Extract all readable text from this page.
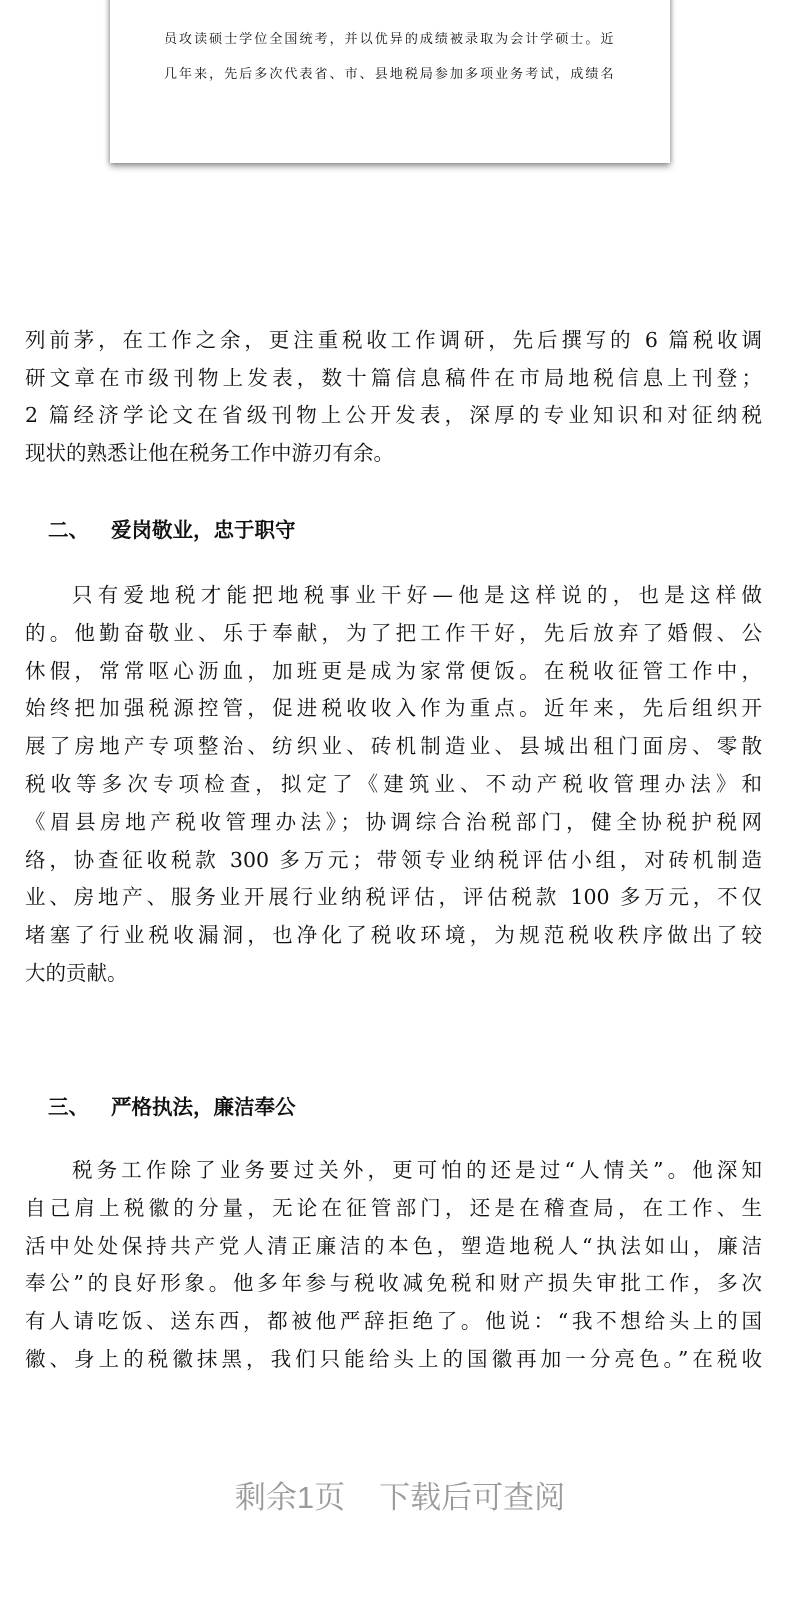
员攻读硕士学位全国统考，并以优异的成绩被录取为会计学硕士。近
几年来，先后多次代表省、市、县地税局参加多项业务考试，成绩名
列前茅，在工作之余，更注重税收工作调研，先后撰写的 6 篇税收调
研文章在市级刊物上发表，数十篇信息稿件在市局地税信息上刊登；
2 篇经济学论文在省级刊物上公开发表，深厚的专业知识和对征纳税
现状的熟悉让他在税务工作中游刃有余。
二、 爱岗敬业，忠于职守
只有爱地税才能把地税事业干好—他是这样说的，也是这样做
的。他勤奋敬业、乐于奉献，为了把工作干好，先后放弃了婚假、公
休假，常常呕心沥血，加班更是成为家常便饭。在税收征管工作中，
始终把加强税源控管，促进税收收入作为重点。近年来，先后组织开
展了房地产专项整治、纺织业、砖机制造业、县城出租门面房、零散
税收等多次专项检查，拟定了《建筑业、不动产税收管理办法》和
《眉县房地产税收管理办法》；协调综合治税部门，健全协税护税网
络，协查征收税款 300 多万元；带领专业纳税评估小组，对砖机制造
业、房地产、服务业开展行业纳税评估，评估税款 100 多万元，不仅
堵塞了行业税收漏洞，也净化了税收环境，为规范税收秩序做出了较
大的贡献。
三、 严格执法，廉洁奉公
税务工作除了业务要过关外，更可怕的还是过“人情关”。他深知
自己肩上税徽的分量，无论在征管部门，还是在稽查局，在工作、生
活中处处保持共产党人清正廉洁的本色，塑造地税人“执法如山，廉洁
奉公”的良好形象。他多年参与税收减免税和财产损失审批工作，多次
有人请吃饭、送东西，都被他严辞拒绝了。他说：“我不想给头上的国
徽、身上的税徽抹黑，我们只能给头上的国徽再加一分亮色。”在税收
剩余1页 下载后可查阅
